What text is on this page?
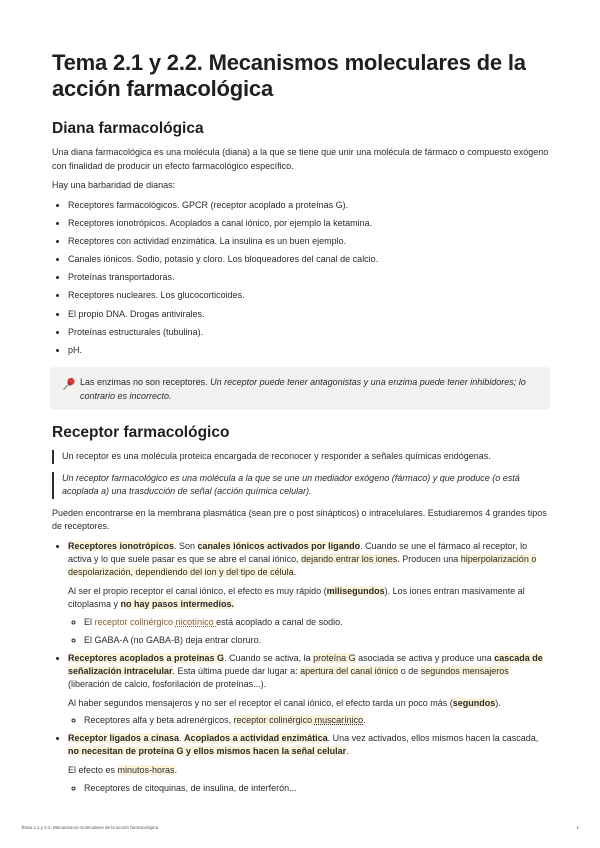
Tema 2.1 y 2.2. Mecanismos moleculares de la acción farmacológica
Diana farmacológica

Una diana farmacológica es una molécula (diana) a la que se tiene que unir una molécula de fármaco o compuesto exógeno con finalidad de producir un efecto farmacológico específico.

Hay una barbaridad de dianas:

• Receptores farmacológicos. GPCR (receptor acoplado a proteínas G).
• Receptores ionotrópicos. Acoplados a canal iónico, por ejemplo la ketamina.
• Receptores con actividad enzimática. La insulina es un buen ejemplo.
• Canales iónicos. Sodio, potasio y cloro. Los bloqueadores del canal de calcio.
• Proteínas transportadoras.
• Receptores nucleares. Los glucocorticoides.
• El propio DNA. Drogas antivirales.
• Proteínas estructurales (tubulina).
• pH.
Las enzimas no son receptores. Un receptor puede tener antagonistas y una enzima puede tener inhibidores; lo contrario es incorrecto.
Receptor farmacológico
Un receptor es una molécula proteica encargada de reconocer y responder a señales químicas endógenas.
Un receptor farmacológico es una molécula a la que se une un mediador exógeno (fármaco) y que produce (o está acoplada a) una trasducción de señal (acción química celular).

Pueden encontrarse en la membrana plasmática (sean pre o post sinápticos) o intracelulares. Estudiaremos 4 grandes tipos de receptores.

• Receptores ionotrópicos. Son canales iónicos activados por ligando. Cuando se une el fármaco al receptor, lo activa y lo que suele pasar es que se abre el canal iónico, dejando entrar los iones. Producen una hiperpolarización o despolarización, dependiendo del ion y del tipo de célula.

Al ser el propio receptor el canal iónico, el efecto es muy rápido (milisegundos). Los iones entran masivamente al citoplasma y no hay pasos intermedios.

◦ El receptor colinérgico nicotínico está acoplado a canal de sodio.
◦ El GABA-A (no GABA-B) deja entrar cloruro.
• Receptores acoplados a proteínas G. Cuando se activa, la proteína G asociada se activa y produce una cascada de señalización intracelular. Esta última puede dar lugar a: apertura del canal iónico o de segundos mensajeros (liberación de calcio, fosforilación de proteínas...).

Al haber segundos mensajeros y no ser el receptor el canal iónico, el efecto tarda un poco más (segundos).

◦ Receptores alfa y beta adrenérgicos, receptor colinérgico muscarínico.
• Receptor ligados a cinasa. Acoplados a actividad enzimática. Una vez activados, ellos mismos hacen la cascada, no necesitan de proteína G y ellos mismos hacen la señal celular.

El efecto es minutos-horas.

◦ Receptores de citoquinas, de insulina, de interferón...
Tema 2.1 y 2.2. Mecanismos moleculares de la acción farmacológica	1
